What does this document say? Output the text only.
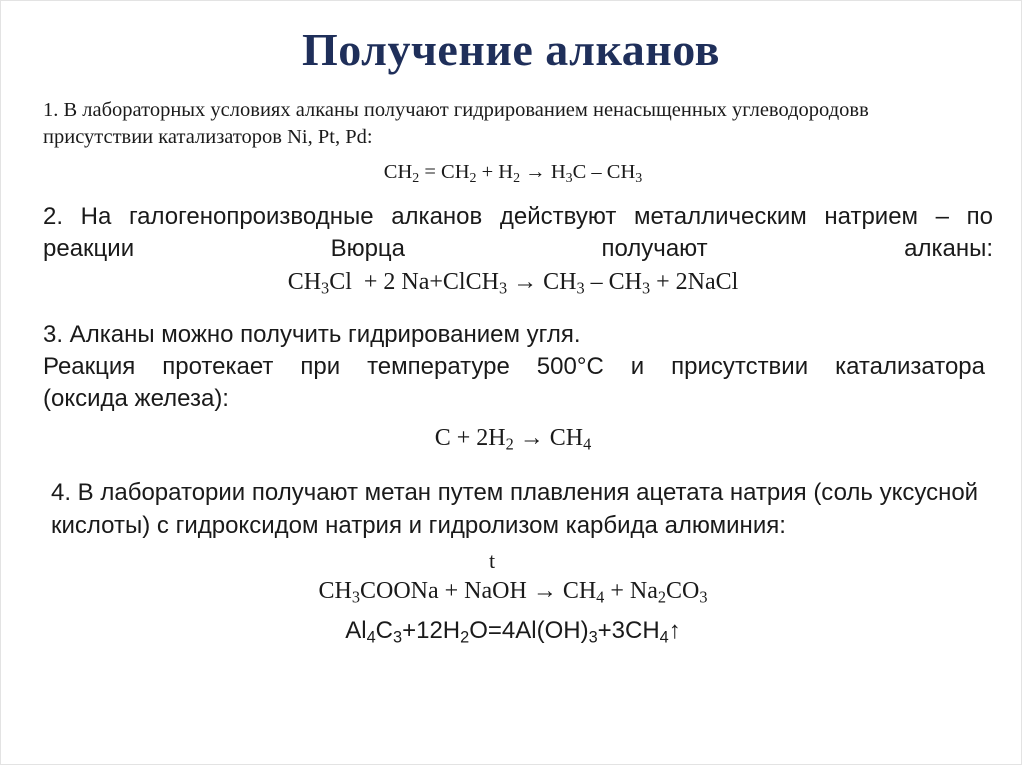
Получение алканов

1. В лабораторных условиях алканы получают гидрированием ненасыщенных углеводородовв присутствии катализаторов Ni, Pt, Pd:

$CH_2 = CH_2 + H_2 \to H_3C - CH_3$

2. На галогенопроизводные алканов действуют металлическим натрием – по реакции Вюрца получают алканы:

$CH_3Cl + 2$ Na+ClCH$_3$ → $CH_3 - CH_3$ + 2NaCl

3. Алканы можно получить гидрированием угля.

Реакция протекает при температуре 500°С и присутствии катализатора

(оксида железа):

$C + 2H_2 \to CH_4$

4. В лаборатории получают метан путем плавления ацетата натрия (соль уксусной кислоты) с гидроксидом натрия и гидролизом карбида алюминия:

t
$CH_3COONa$ + NaOH → $CH_4 + Na_2CO_3$
$Al_4C_3+12H_2O=4Al(OH)_3+3CH_4↑$
